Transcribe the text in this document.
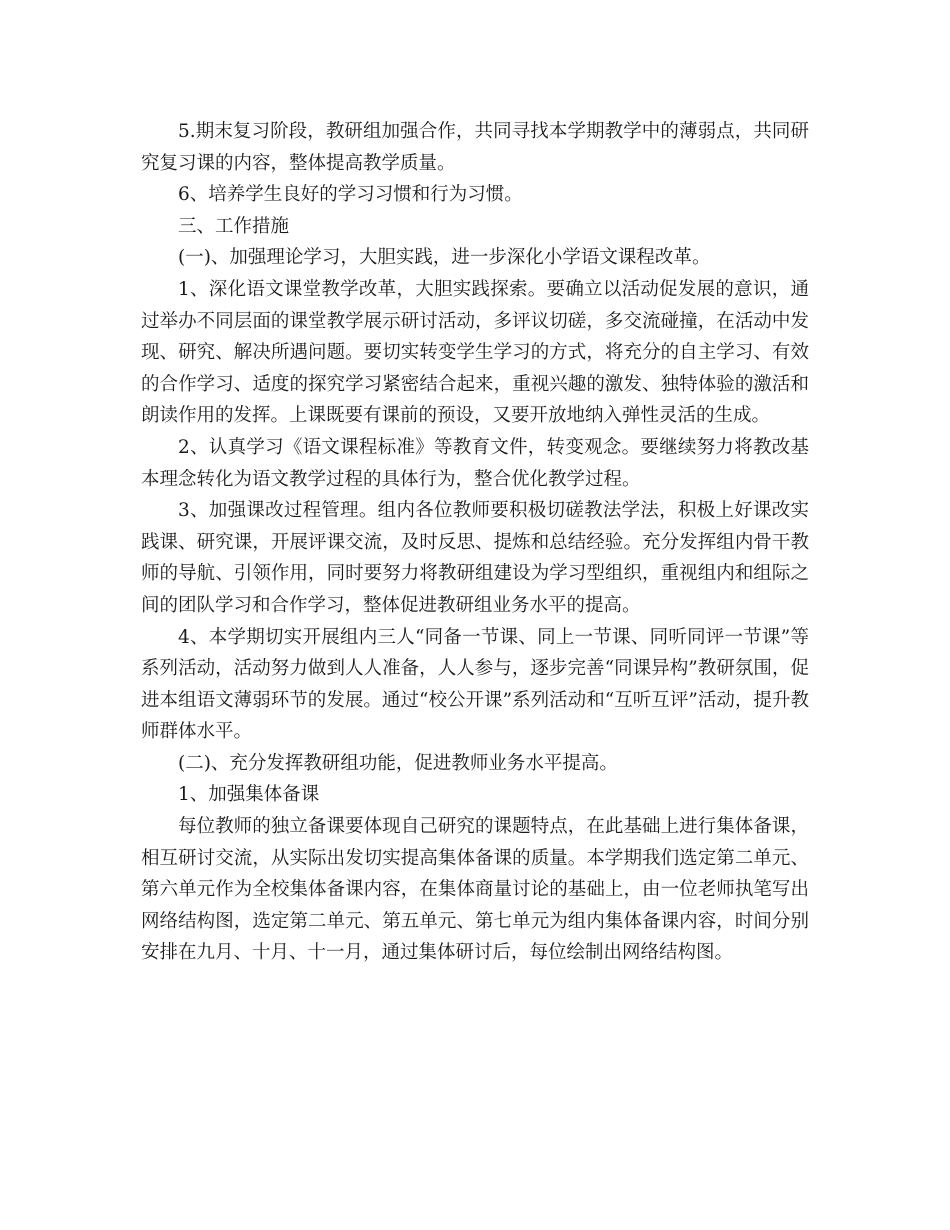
5.期末复习阶段，教研组加强合作，共同寻找本学期教学中的薄弱点，共同研究复习课的内容，整体提高教学质量。

6、培养学生良好的学习习惯和行为习惯。

三、工作措施

(一)、加强理论学习，大胆实践，进一步深化小学语文课程改革。

1、深化语文课堂教学改革，大胆实践探索。要确立以活动促发展的意识，通过举办不同层面的课堂教学展示研讨活动，多评议切磋，多交流碰撞，在活动中发现、研究、解决所遇问题。要切实转变学生学习的方式，将充分的自主学习、有效的合作学习、适度的探究学习紧密结合起来，重视兴趣的激发、独特体验的激活和朗读作用的发挥。上课既要有课前的预设，又要开放地纳入弹性灵活的生成。

2、认真学习《语文课程标准》等教育文件，转变观念。要继续努力将教改基本理念转化为语文教学过程的具体行为，整合优化教学过程。

3、加强课改过程管理。组内各位教师要积极切磋教法学法，积极上好课改实践课、研究课，开展评课交流，及时反思、提炼和总结经验。充分发挥组内骨干教师的导航、引领作用，同时要努力将教研组建设为学习型组织，重视组内和组际之间的团队学习和合作学习，整体促进教研组业务水平的提高。

4、本学期切实开展组内三人“同备一节课、同上一节课、同听同评一节课”等系列活动，活动努力做到人人准备，人人参与，逐步完善“同课异构”教研氛围，促进本组语文薄弱环节的发展。通过“校公开课”系列活动和“互听互评”活动，提升教师群体水平。

(二)、充分发挥教研组功能，促进教师业务水平提高。

1、加强集体备课

每位教师的独立备课要体现自己研究的课题特点，在此基础上进行集体备课，相互研讨交流，从实际出发切实提高集体备课的质量。本学期我们选定第二单元、第六单元作为全校集体备课内容，在集体商量讨论的基础上，由一位老师执笔写出网络结构图，选定第二单元、第五单元、第七单元为组内集体备课内容，时间分别安排在九月、十月、十一月，通过集体研讨后，每位绘制出网络结构图。
